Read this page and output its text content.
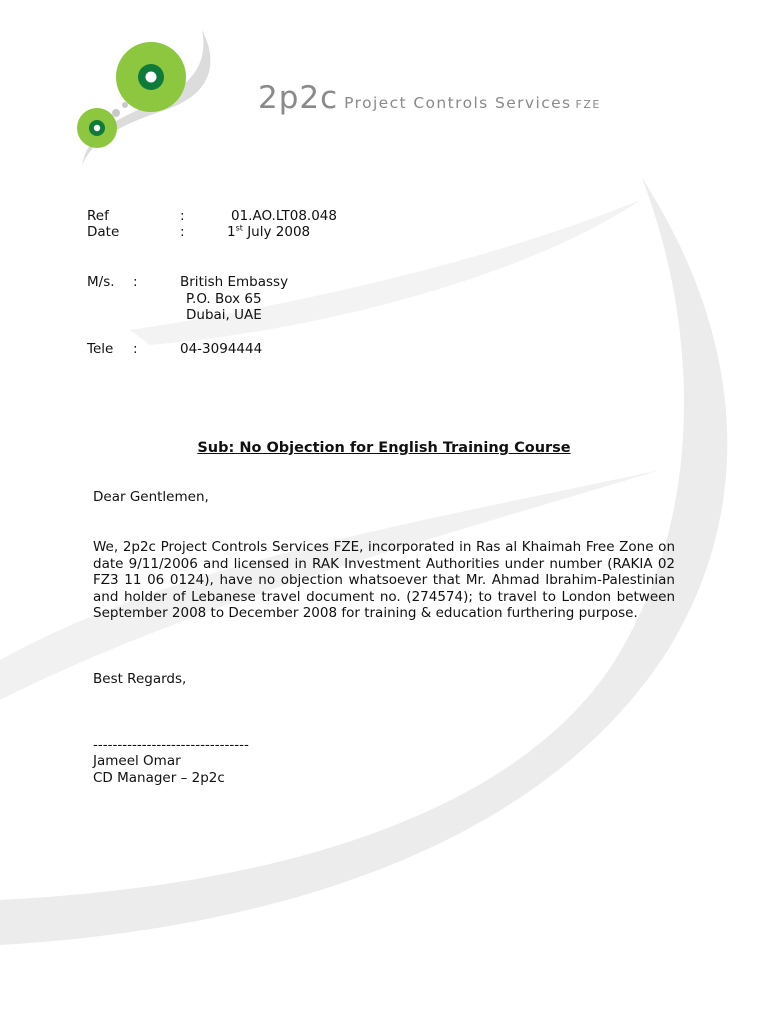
2p2c Project Controls Services FZE
Ref	:	01.AO.LT08.048
Date	:	1st July 2008
M/s. :	British Embassy
P.O. Box 65
Dubai, UAE
Tele :	04-3094444
Sub: No Objection for English Training Course
Dear Gentlemen,
We, 2p2c Project Controls Services FZE, incorporated in Ras al Khaimah Free Zone on date 9/11/2006 and licensed in RAK Investment Authorities under number (RAKIA 02 FZ3 11 06 0124), have no objection whatsoever that Mr. Ahmad Ibrahim-Palestinian and holder of Lebanese travel document no. (274574); to travel to London between September 2008 to December 2008 for training & education furthering purpose.
Best Regards,
--------------------------------
Jameel Omar
CD Manager – 2p2c
